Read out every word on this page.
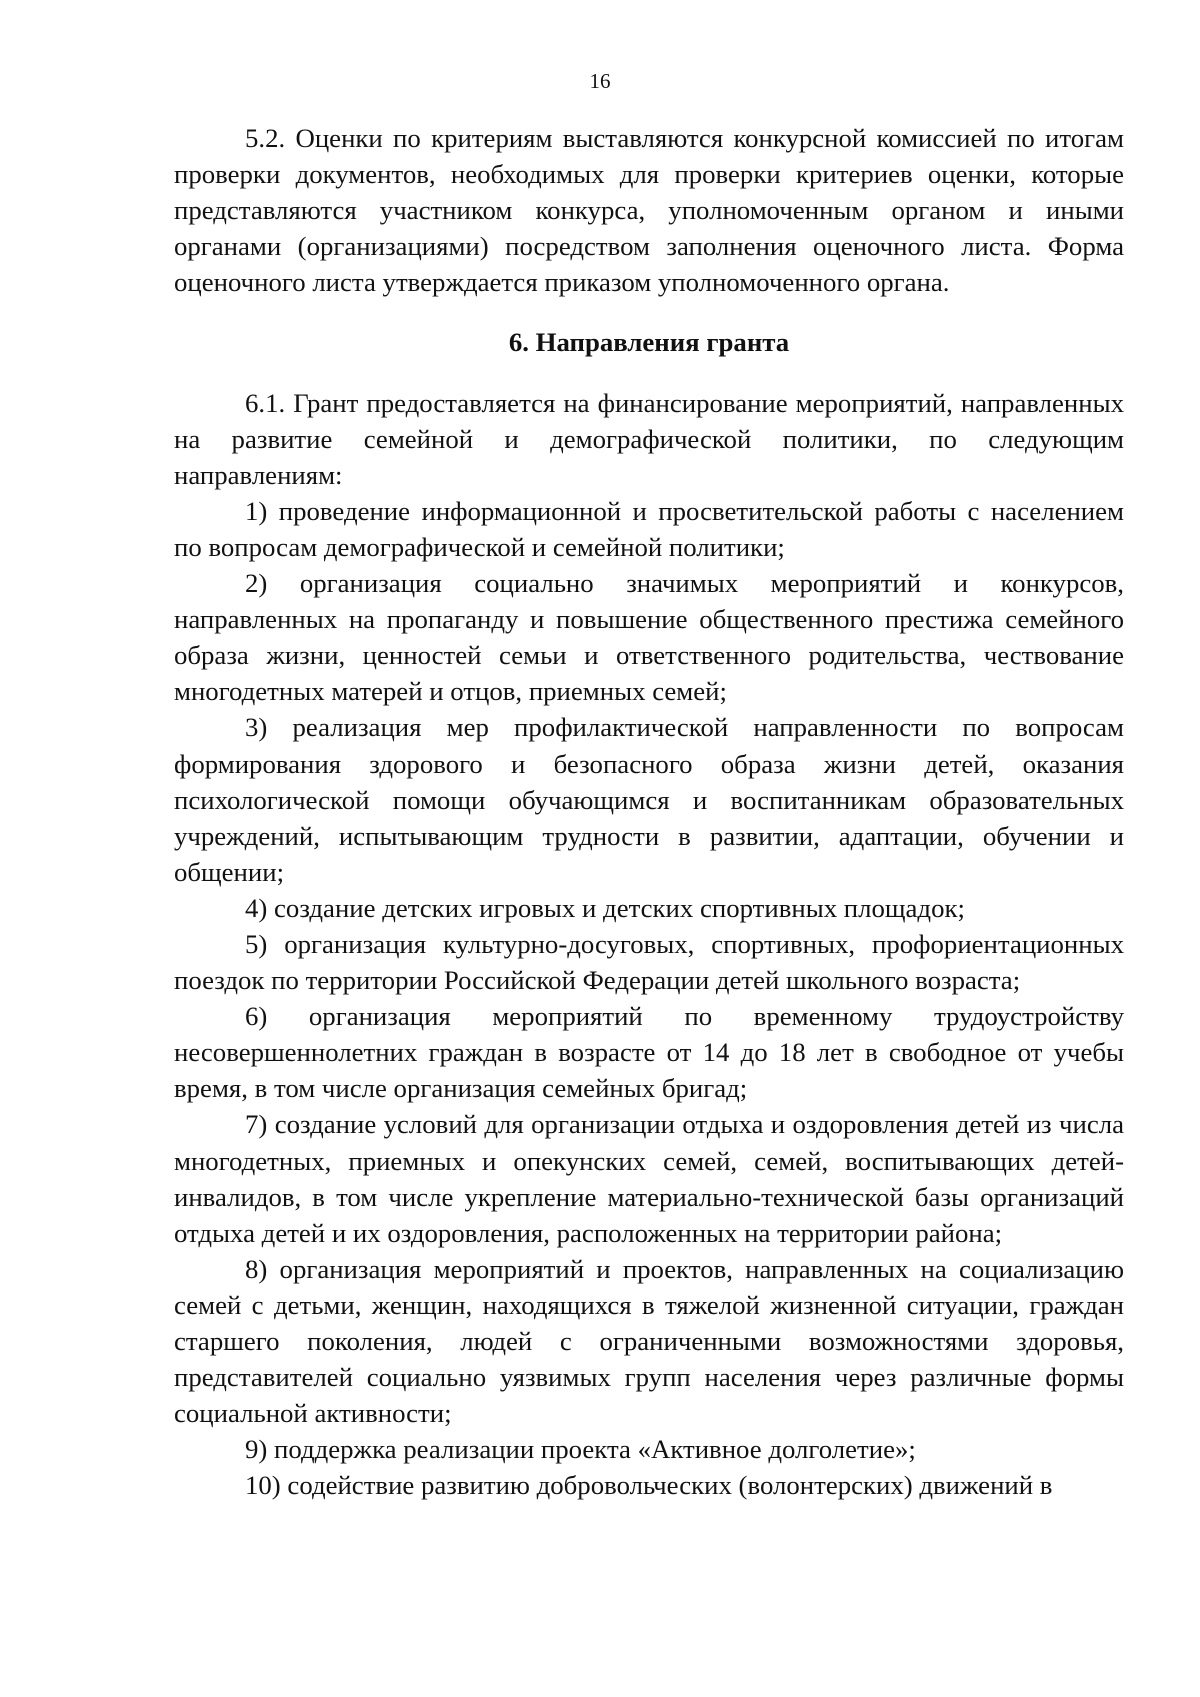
16

5.2. Оценки по критериям выставляются конкурсной комиссией по итогам проверки документов, необходимых для проверки критериев оценки, которые представляются участником конкурса, уполномоченным органом и иными органами (организациями) посредством заполнения оценочного листа. Форма оценочного листа утверждается приказом уполномоченного органа.

6. Направления гранта

6.1. Грант предоставляется на финансирование мероприятий, направленных на развитие семейной и демографической политики, по следующим направлениям:

1) проведение информационной и просветительской работы с населением по вопросам демографической и семейной политики;

2) организация социально значимых мероприятий и конкурсов, направленных на пропаганду и повышение общественного престижа семейного образа жизни, ценностей семьи и ответственного родительства, чествование многодетных матерей и отцов, приемных семей;

3) реализация мер профилактической направленности по вопросам формирования здорового и безопасного образа жизни детей, оказания психологической помощи обучающимся и воспитанникам образовательных учреждений, испытывающим трудности в развитии, адаптации, обучении и общении;

4) создание детских игровых и детских спортивных площадок;

5) организация культурно-досуговых, спортивных, профориентационных поездок по территории Российской Федерации детей школьного возраста;

6) организация мероприятий по временному трудоустройству несовершеннолетних граждан в возрасте от 14 до 18 лет в свободное от учебы время, в том числе организация семейных бригад;

7) создание условий для организации отдыха и оздоровления детей из числа многодетных, приемных и опекунских семей, семей, воспитывающих детей-инвалидов, в том числе укрепление материально-технической базы организаций отдыха детей и их оздоровления, расположенных на территории района;

8) организация мероприятий и проектов, направленных на социализацию семей с детьми, женщин, находящихся в тяжелой жизненной ситуации, граждан старшего поколения, людей с ограниченными возможностями здоровья, представителей социально уязвимых групп населения через различные формы социальной активности;

9) поддержка реализации проекта «Активное долголетие»;

10) содействие развитию добровольческих (волонтерских) движений в
